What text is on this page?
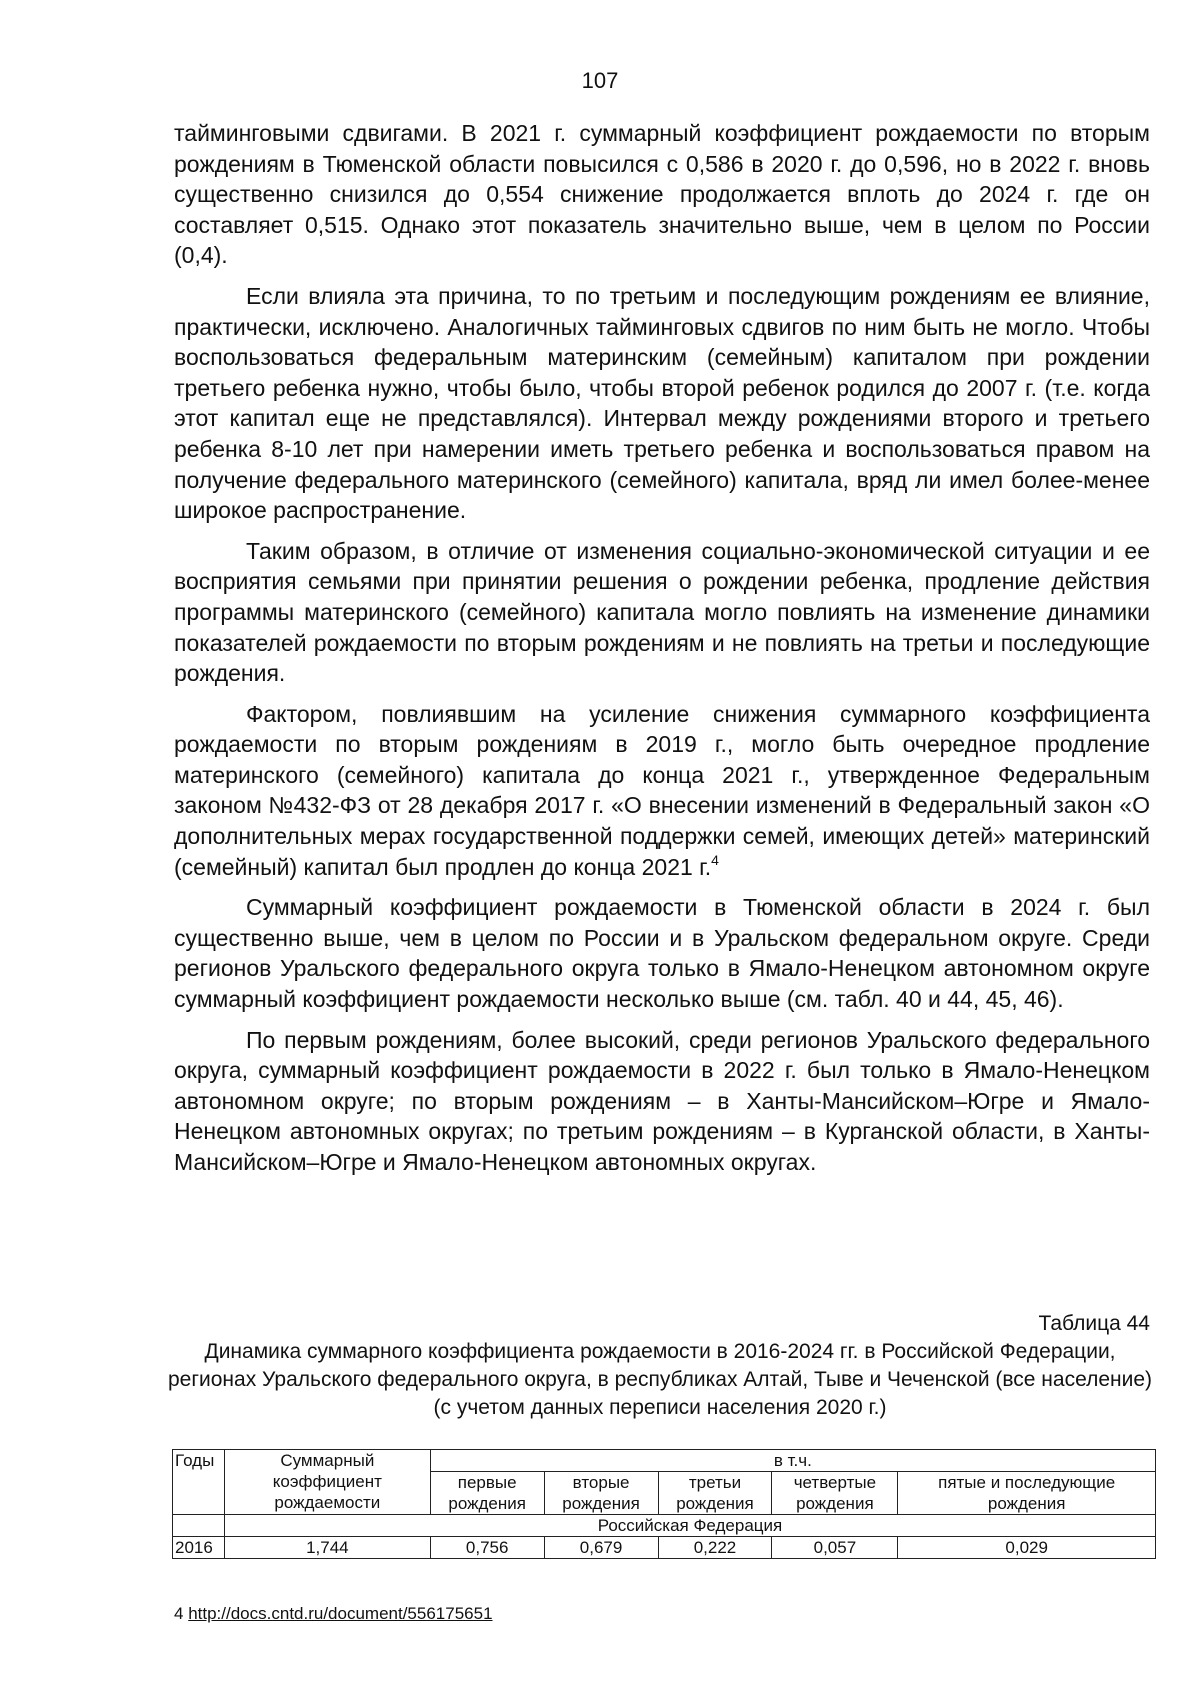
107

тайминговыми сдвигами. В 2021 г. суммарный коэффициент рождаемости по вторым рождениям в Тюменской области повысился с 0,586 в 2020 г. до 0,596, но в 2022 г. вновь существенно снизился до 0,554 снижение продолжается вплоть до 2024 г. где он составляет 0,515. Однако этот показатель значительно выше, чем в целом по России (0,4).

Если влияла эта причина, то по третьим и последующим рождениям ее влияние, практически, исключено. Аналогичных тайминговых сдвигов по ним быть не могло. Чтобы воспользоваться федеральным материнским (семейным) капиталом при рождении третьего ребенка нужно, чтобы было, чтобы второй ребенок родился до 2007 г. (т.е. когда этот капитал еще не представлялся). Интервал между рождениями второго и третьего ребенка 8-10 лет при намерении иметь третьего ребенка и воспользоваться правом на получение федерального материнского (семейного) капитала, вряд ли имел более-менее широкое распространение.

Таким образом, в отличие от изменения социально-экономической ситуации и ее восприятия семьями при принятии решения о рождении ребенка, продление действия программы материнского (семейного) капитала могло повлиять на изменение динамики показателей рождаемости по вторым рождениям и не повлиять на третьи и последующие рождения.

Фактором, повлиявшим на усиление снижения суммарного коэффициента рождаемости по вторым рождениям в 2019 г., могло быть очередное продление материнского (семейного) капитала до конца 2021 г., утвержденное Федеральным законом №432-ФЗ от 28 декабря 2017 г. «О внесении изменений в Федеральный закон «О дополнительных мерах государственной поддержки семей, имеющих детей» материнский (семейный) капитал был продлен до конца 2021 г.$^4$

Суммарный коэффициент рождаемости в Тюменской области в 2024 г. был существенно выше, чем в целом по России и в Уральском федеральном округе. Среди регионов Уральского федерального округа только в Ямало-Ненецком автономном округе суммарный коэффициент рождаемости несколько выше (см. табл. 40 и 44, 45, 46).

По первым рождениям, более высокий, среди регионов Уральского федерального округа, суммарный коэффициент рождаемости в 2022 г. был только в Ямало-Ненецком автономном округе; по вторым рождениям – в Ханты-Мансийском–Югре и Ямало-Ненецком автономных округах; по третьим рождениям – в Курганской области, в Ханты-Мансийском–Югре и Ямало-Ненецком автономных округах.

Таблица 44
Динамика суммарного коэффициента рождаемости в 2016-2024 гг. в Российской Федерации, регионах Уральского федерального округа, в республиках Алтай, Тыве и Чеченской (все население) (с учетом данных переписи населения 2020 г.)
Годы	Суммарный коэффициент рождаемости	в т.ч.				
		первые рождения	вторые рождения	третьи рождения	четвертые рождения	пятые и последующие рождения
	Российская Федерация					
2016	1,744	0,756	0,679	0,222	0,057	0,029
4 http://docs.cntd.ru/document/556175651
